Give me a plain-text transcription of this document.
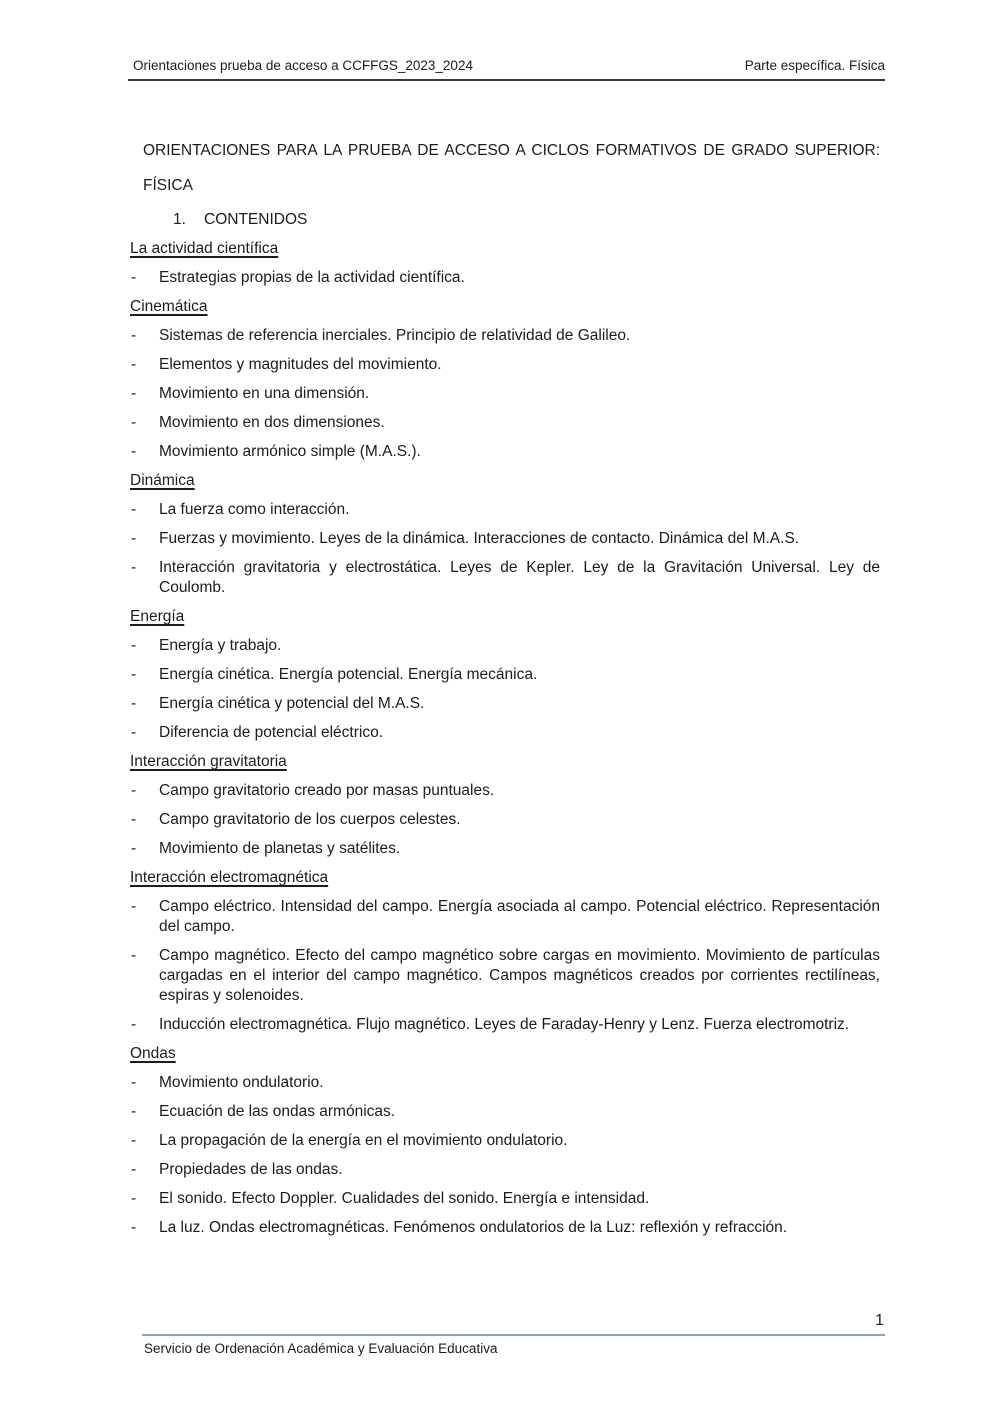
Orientaciones prueba de acceso a CCFFGS_2023_2024	Parte específica. Física

ORIENTACIONES PARA LA PRUEBA DE ACCESO A CICLOS FORMATIVOS DE GRADO SUPERIOR: FÍSICA

1. CONTENIDOS

La actividad científica

-	Estrategias propias de la actividad científica.

Cinemática

-	Sistemas de referencia inerciales. Principio de relatividad de Galileo.
-	Elementos y magnitudes del movimiento.
-	Movimiento en una dimensión.
-	Movimiento en dos dimensiones.
-	Movimiento armónico simple (M.A.S.).

Dinámica

-	La fuerza como interacción.
-	Fuerzas y movimiento. Leyes de la dinámica. Interacciones de contacto. Dinámica del M.A.S.
-	Interacción gravitatoria y electrostática. Leyes de Kepler. Ley de la Gravitación Universal. Ley de Coulomb.

Energía

-	Energía y trabajo.
-	Energía cinética. Energía potencial. Energía mecánica.
-	Energía cinética y potencial del M.A.S.
-	Diferencia de potencial eléctrico.

Interacción gravitatoria

-	Campo gravitatorio creado por masas puntuales.
-	Campo gravitatorio de los cuerpos celestes.
-	Movimiento de planetas y satélites.

Interacción electromagnética

-	Campo eléctrico. Intensidad del campo. Energía asociada al campo. Potencial eléctrico. Representación del campo.
-	Campo magnético. Efecto del campo magnético sobre cargas en movimiento. Movimiento de partículas cargadas en el interior del campo magnético. Campos magnéticos creados por corrientes rectilíneas, espiras y solenoides.
-	Inducción electromagnética. Flujo magnético. Leyes de Faraday-Henry y Lenz. Fuerza electromotriz.

Ondas

-	Movimiento ondulatorio.
-	Ecuación de las ondas armónicas.
-	La propagación de la energía en el movimiento ondulatorio.
-	Propiedades de las ondas.
-	El sonido. Efecto Doppler. Cualidades del sonido. Energía e intensidad.
-	La luz. Ondas electromagnéticas. Fenómenos ondulatorios de la Luz: reflexión y refracción.
1
Servicio de Ordenación Académica y Evaluación Educativa
